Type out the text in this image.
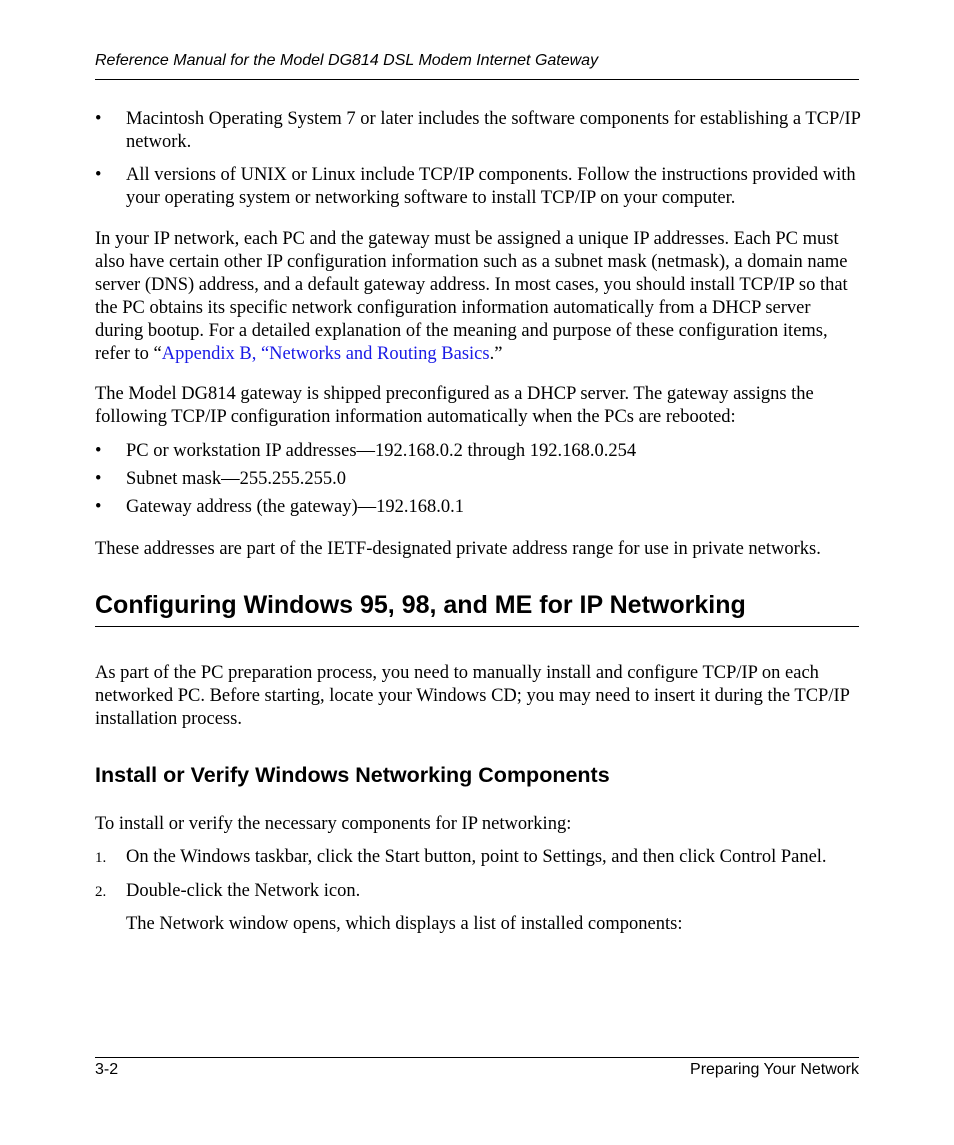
Reference Manual for the Model DG814 DSL Modem Internet Gateway
•	Macintosh Operating System 7 or later includes the software components for establishing a TCP/IP network.
•	All versions of UNIX or Linux include TCP/IP components. Follow the instructions provided with your operating system or networking software to install TCP/IP on your computer.
In your IP network, each PC and the gateway must be assigned a unique IP addresses. Each PC must also have certain other IP configuration information such as a subnet mask (netmask), a domain name server (DNS) address, and a default gateway address. In most cases, you should install TCP/IP so that the PC obtains its specific network configuration information automatically from a DHCP server during bootup. For a detailed explanation of the meaning and purpose of these configuration items, refer to “Appendix B, “Networks and Routing Basics.”
The Model DG814 gateway is shipped preconfigured as a DHCP server. The gateway assigns the following TCP/IP configuration information automatically when the PCs are rebooted:
•	PC or workstation IP addresses—192.168.0.2 through 192.168.0.254
•	Subnet mask—255.255.255.0
•	Gateway address (the gateway)—192.168.0.1
These addresses are part of the IETF-designated private address range for use in private networks.
Configuring Windows 95, 98, and ME for IP Networking
As part of the PC preparation process, you need to manually install and configure TCP/IP on each networked PC. Before starting, locate your Windows CD; you may need to insert it during the TCP/IP installation process.
Install or Verify Windows Networking Components
To install or verify the necessary components for IP networking:
1.	On the Windows taskbar, click the Start button, point to Settings, and then click Control Panel.
2.	Double-click the Network icon.
The Network window opens, which displays a list of installed components:
3-2	Preparing Your Network
